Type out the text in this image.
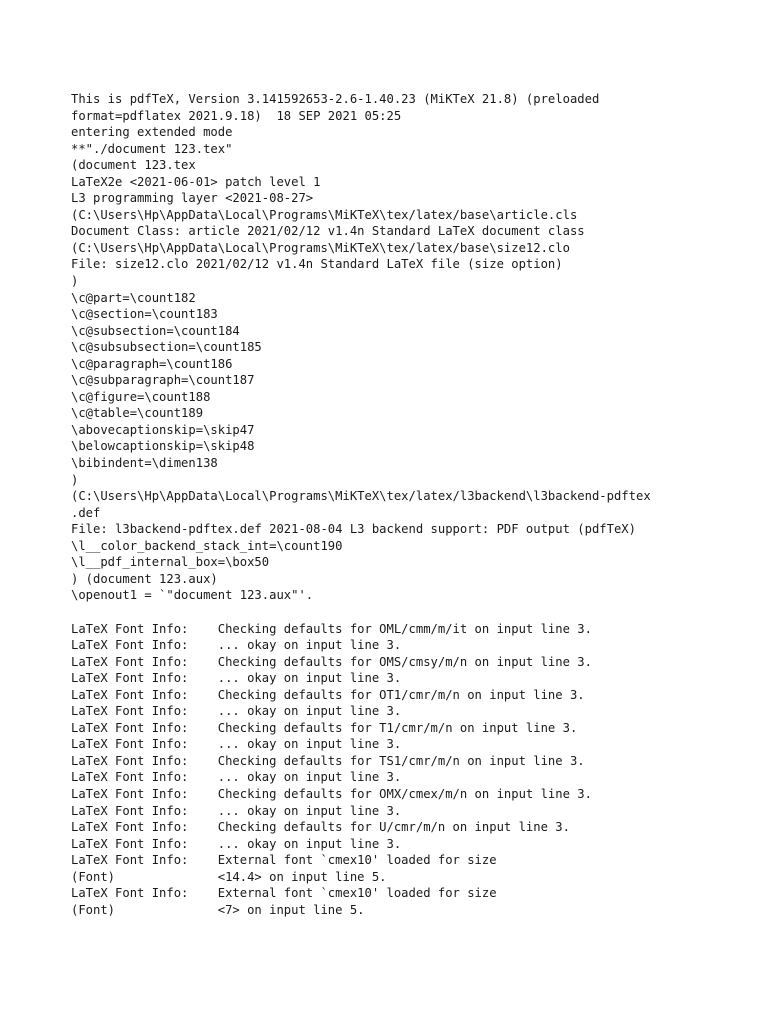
This is pdfTeX, Version 3.141592653-2.6-1.40.23 (MiKTeX 21.8) (preloaded
format=pdflatex 2021.9.18)  18 SEP 2021 05:25
entering extended mode
**"./document 123.tex"
(document 123.tex
LaTeX2e <2021-06-01> patch level 1
L3 programming layer <2021-08-27>
(C:\Users\Hp\AppData\Local\Programs\MiKTeX\tex/latex/base\article.cls
Document Class: article 2021/02/12 v1.4n Standard LaTeX document class
(C:\Users\Hp\AppData\Local\Programs\MiKTeX\tex/latex/base\size12.clo
File: size12.clo 2021/02/12 v1.4n Standard LaTeX file (size option)
)
\c@part=\count182
\c@section=\count183
\c@subsection=\count184
\c@subsubsection=\count185
\c@paragraph=\count186
\c@subparagraph=\count187
\c@figure=\count188
\c@table=\count189
\abovecaptionskip=\skip47
\belowcaptionskip=\skip48
\bibindent=\dimen138
)
(C:\Users\Hp\AppData\Local\Programs\MiKTeX\tex/latex/l3backend\l3backend-pdftex
.def
File: l3backend-pdftex.def 2021-08-04 L3 backend support: PDF output (pdfTeX)
\l__color_backend_stack_int=\count190
\l__pdf_internal_box=\box50
) (document 123.aux)
\openout1 = `"document 123.aux"'.
LaTeX Font Info:    Checking defaults for OML/cmm/m/it on input line 3.
LaTeX Font Info:    ... okay on input line 3.
LaTeX Font Info:    Checking defaults for OMS/cmsy/m/n on input line 3.
LaTeX Font Info:    ... okay on input line 3.
LaTeX Font Info:    Checking defaults for OT1/cmr/m/n on input line 3.
LaTeX Font Info:    ... okay on input line 3.
LaTeX Font Info:    Checking defaults for T1/cmr/m/n on input line 3.
LaTeX Font Info:    ... okay on input line 3.
LaTeX Font Info:    Checking defaults for TS1/cmr/m/n on input line 3.
LaTeX Font Info:    ... okay on input line 3.
LaTeX Font Info:    Checking defaults for OMX/cmex/m/n on input line 3.
LaTeX Font Info:    ... okay on input line 3.
LaTeX Font Info:    Checking defaults for U/cmr/m/n on input line 3.
LaTeX Font Info:    ... okay on input line 3.
LaTeX Font Info:    External font `cmex10' loaded for size
(Font)              <14.4> on input line 5.
LaTeX Font Info:    External font `cmex10' loaded for size
(Font)              <7> on input line 5.
